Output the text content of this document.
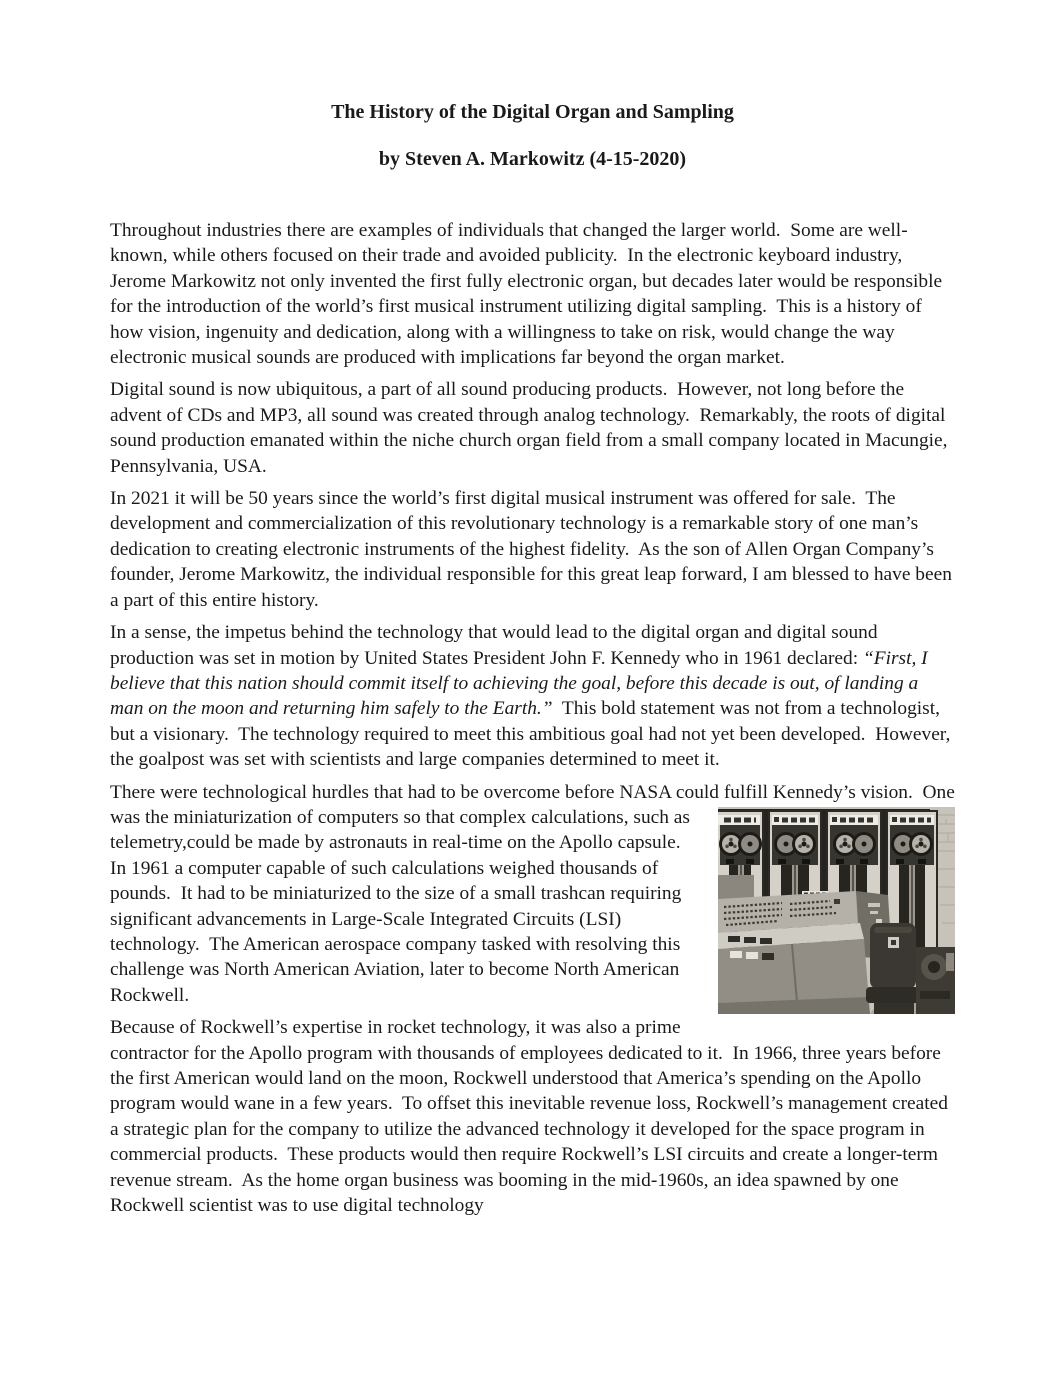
The History of the Digital Organ and Sampling

by Steven A. Markowitz (4-15-2020)

Throughout industries there are examples of individuals that changed the larger world.  Some are well-known, while others focused on their trade and avoided publicity.  In the electronic keyboard industry, Jerome Markowitz not only invented the first fully electronic organ, but decades later would be responsible for the introduction of the world’s first musical instrument utilizing digital sampling.  This is a history of how vision, ingenuity and dedication, along with a willingness to take on risk, would change the way electronic musical sounds are produced with implications far beyond the organ market.

Digital sound is now ubiquitous, a part of all sound producing products.  However, not long before the advent of CDs and MP3, all sound was created through analog technology.  Remarkably, the roots of digital sound production emanated within the niche church organ field from a small company located in Macungie, Pennsylvania, USA.

In 2021 it will be 50 years since the world’s first digital musical instrument was offered for sale.  The development and commercialization of this revolutionary technology is a remarkable story of one man’s dedication to creating electronic instruments of the highest fidelity.  As the son of Allen Organ Company’s founder, Jerome Markowitz, the individual responsible for this great leap forward, I am blessed to have been a part of this entire history.

In a sense, the impetus behind the technology that would lead to the digital organ and digital sound production was set in motion by United States President John F. Kennedy who in 1961 declared: “First, I believe that this nation should commit itself to achieving the goal, before this decade is out, of landing a man on the moon and returning him safely to the Earth.”  This bold statement was not from a technologist, but a visionary.  The technology required to meet this ambitious goal had not yet been developed.  However, the goalpost was set with scientists and large companies determined to meet it.

There were technological hurdles that had to be overcome before NASA could fulfill Kennedy’s vision.  One was the miniaturization of computers so that complex calculations, such as telemetry,could be made by astronauts in real-time on the Apollo capsule.  In 1961 a computer capable of such calculations weighed thousands of pounds.  It had to be miniaturized to the size of a small trashcan requiring significant advancements in Large-Scale Integrated Circuits (LSI) technology.  The American aerospace company tasked with resolving this challenge was North American Aviation, later to become North American Rockwell.

Because of Rockwell’s expertise in rocket technology, it was also a prime contractor for the Apollo program with thousands of employees dedicated to it.  In 1966, three years before the first American would land on the moon, Rockwell understood that America’s spending on the Apollo program would wane in a few years.  To offset this inevitable revenue loss, Rockwell’s management created a strategic plan for the company to utilize the advanced technology it developed for the space program in commercial products.  These products would then require Rockwell’s LSI circuits and create a longer-term revenue stream.  As the home organ business was booming in the mid-1960s, an idea spawned by one Rockwell scientist was to use digital technology
